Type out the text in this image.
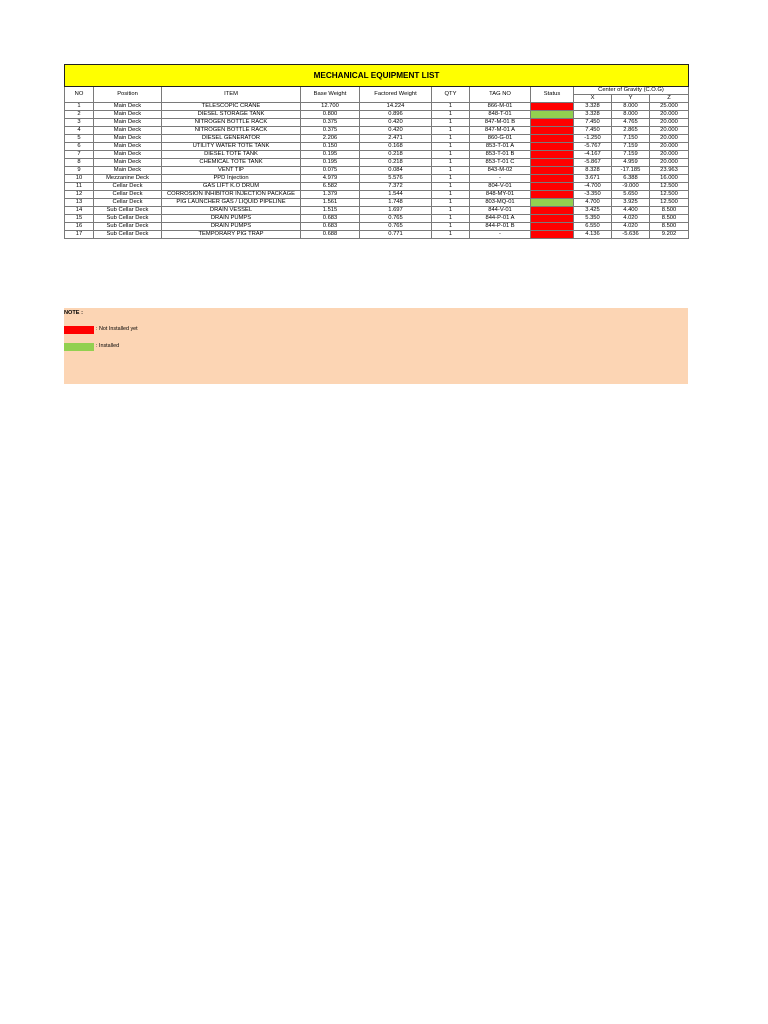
MECHANICAL EQUIPMENT LIST										
NO	Position	ITEM	Base Weight	Factored Weight	QTY	TAG NO	Status	Center of Gravity (C.O.G)		
								X	Y	Z
1	Main Deck	TELESCOPIC CRANE	12.700	14.224	1	866-M-01		3.328	8.000	25.000
2	Main Deck	DIESEL STORAGE TANK	0.800	0.896	1	848-T-01		3.328	8.000	20.000
3	Main Deck	NITROGEN BOTTLE RACK	0.375	0.420	1	847-M-01 B		7.450	4.765	20.000
4	Main Deck	NITROGEN BOTTLE RACK	0.375	0.420	1	847-M-01 A		7.450	2.865	20.000
5	Main Deck	DIESEL GENERATOR	2.206	2.471	1	860-G-01		-1.250	7.150	20.000
6	Main Deck	UTILITY WATER TOTE TANK	0.150	0.168	1	853-T-01 A		-5.767	7.159	20.000
7	Main Deck	DIESEL TOTE TANK	0.195	0.218	1	853-T-01 B		-4.167	7.159	20.000
8	Main Deck	CHEMICAL TOTE TANK	0.195	0.218	1	853-T-01 C		-5.867	4.959	20.000
9	Main Deck	VENT TIP	0.075	0.084	1	843-M-02		8.328	-17.185	23.963
10	Mezzanine Deck	PPD Injection	4.979	5.576	1	-		3.671	6.388	16.000
11	Cellar Deck	GAS LIFT K.O DRUM	6.582	7.372	1	804-V-01		-4.700	-9.000	12.500
12	Cellar Deck	CORROSION INHIBITOR INJECTION PACKAGE	1.379	1.544	1	848-MY-01		-3.350	5.650	12.500
13	Cellar Deck	PIG LAUNCHER GAS / LIQUID PIPELINE	1.561	1.748	1	803-MQ-01		4.700	3.925	12.500
14	Sub Cellar Deck	DRAIN VESSEL	1.515	1.697	1	844-V-01		3.425	4.400	8.500
15	Sub Cellar Deck	DRAIN PUMPS	0.683	0.765	1	844-P-01 A		5.350	4.020	8.500
16	Sub Cellar Deck	DRAIN PUMPS	0.683	0.765	1	844-P-01 B		6.550	4.020	8.500
17	Sub Cellar Deck	TEMPORARY PIG TRAP	0.688	0.771	1	-		4.136	-5.636	9.202
NOTE :
: Not Installed yet
: Installed
